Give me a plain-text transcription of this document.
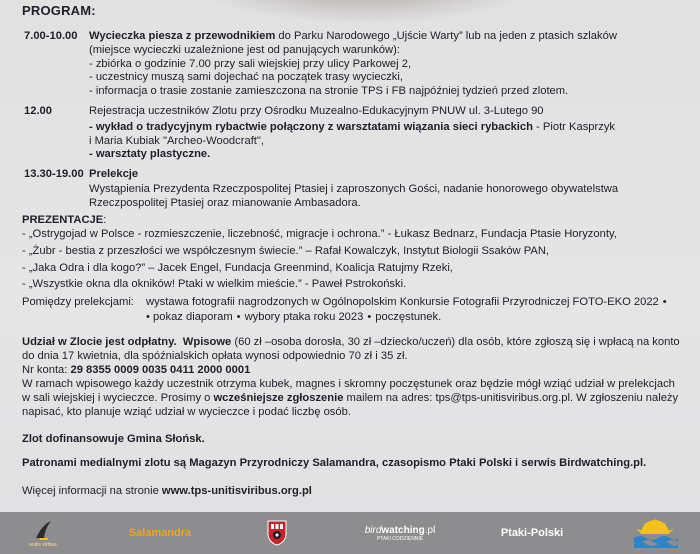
PROGRAM:
7.00-10.00 Wycieczka piesza z przewodnikiem do Parku Narodowego „Ujście Warty” lub na jeden z ptasich szlaków
(miejsce wycieczki uzależnione jest od panujących warunków):
- zbiórka o godzinie 7.00 przy sali wiejskiej przy ulicy Parkowej 2,
- uczestnicy muszą sami dojechać na początek trasy wycieczki,
- informacja o trasie zostanie zamieszczona na stronie TPS i FB najpóźniej tydzień przed zlotem.
12.00	Rejestracja uczestników Zlotu przy Ośrodku Muzealno-Edukacyjnym PNUW ul. 3-Lutego 90
- wykład o tradycyjnym rybactwie połączony z warsztatami wiązania sieci rybackich - Piotr Kasprzyk
i Maria Kubiak "Archeo-Woodcraft",
- warsztaty plastyczne.
13.30-19.00 Prelekcje
Wystąpienia Prezydenta Rzeczpospolitej Ptasiej i zaproszonych Gości, nadanie honorowego obywatelstwa
Rzeczpospolitej Ptasiej oraz mianowanie Ambasadora.
PREZENTACJE:
- „Ostrygojad w Polsce - rozmieszczenie, liczebność, migracje i ochrona.” - Łukasz Bednarz, Fundacja Ptasie Horyzonty,
- „Żubr - bestia z przeszłości we współczesnym świecie.” – Rafał Kowalczyk, Instytut Biologii Ssaków PAN,
- „Jaka Odra i dla kogo?” – Jacek Engel, Fundacja Greenmind, Koalicja Ratujmy Rzeki,
- „Wszystkie okna dla okników! Ptaki w wielkim mieście.” - Paweł Pstrokoński.
Pomiędzy prelekcjami: wystawa fotografii nagrodzonych w Ogólnopolskim Konkursie Fotografii Przyrodniczej FOTO-EKO 2022 •
• pokaz diaporam • wybory ptaka roku 2023 • poczęstunek.
Udział w Zlocie jest odpłatny. Wpisowe (60 zł –osoba dorosła, 30 zł –dziecko/uczeń) dla osób, które zgłoszą się i wpłacą na konto
do dnia 17 kwietnia, dla spóźnialskich opłata wynosi odpowiednio 70 zł i 35 zł.
Nr konta: 29 8355 0009 0035 0411 2000 0001
W ramach wpisowego każdy uczestnik otrzyma kubek, magnes i skromny poczęstunek oraz będzie mógł wziąć udział w prelekcjach
w sali wiejskiej i wycieczce. Prosimy o wcześniejsze zgłoszenie mailem na adres: tps@tps-unitisviribus.org.pl. W zgłoszeniu należy
napisać, kto planuje wziąć udział w wycieczce i podać liczbę osób.
Zlot dofinansowuje Gmina Słońsk.
Patronami medialnymi zlotu są Magazyn Przyrodniczy Salamandra, czasopismo Ptaki Polski i serwis Birdwatching.pl.
Więcej informacji na stronie www.tps-unitisviribus.org.pl
unitis viribus
Salamandra	birdwatching.pl
PTAKI CODZIENNIE	Ptaki-Polski
